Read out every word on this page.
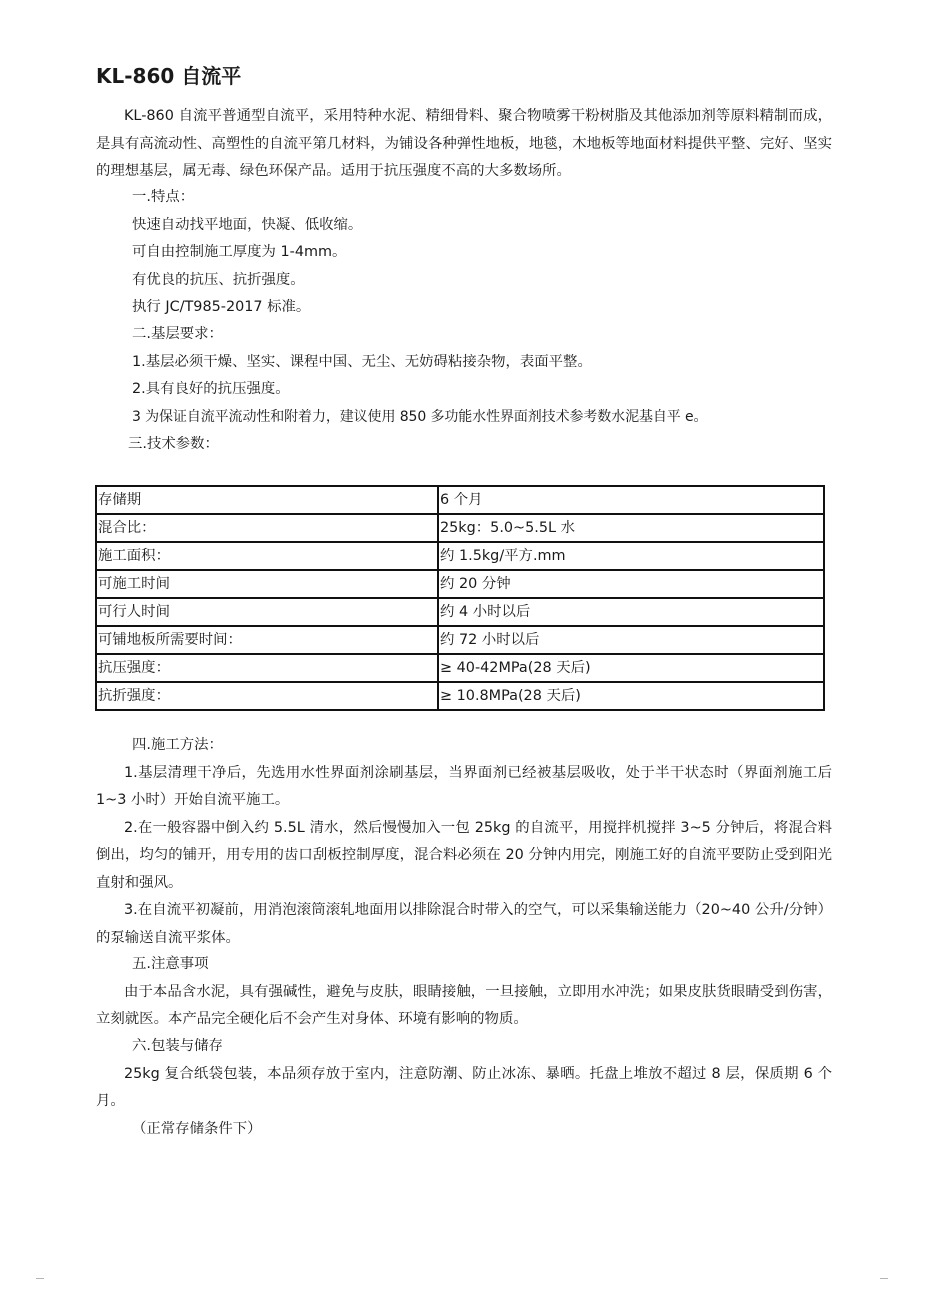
KL-860 自流平

KL-860 自流平普通型自流平，采用特种水泥、精细骨料、聚合物喷雾干粉树脂及其他添加剂等原料精制而成，是具有高流动性、高塑性的自流平第几材料，为铺设各种弹性地板，地毯，木地板等地面材料提供平整、完好、坚实的理想基层，属无毒、绿色环保产品。适用于抗压强度不高的大多数场所。

一.特点：

快速自动找平地面，快凝、低收缩。

可自由控制施工厚度为 1-4mm。

有优良的抗压、抗折强度。

执行 JC/T985-2017 标准。

二.基层要求：

1.基层必须干燥、坚实、课程中国、无尘、无妨碍粘接杂物，表面平整。

2.具有良好的抗压强度。

3 为保证自流平流动性和附着力，建议使用 850 多功能水性界面剂技术参考数水泥基自平 e。

三.技术参数：

存储期	6 个月
混合比：	25kg：5.0~5.5L 水
施工面积：	约 1.5kg/平方.mm
可施工时间	约 20 分钟
可行人时间	约 4 小时以后
可铺地板所需要时间：	约 72 小时以后
抗压强度：	≥ 40-42MPa(28 天后)
抗折强度：	≥ 10.8MPa(28 天后)

四.施工方法：

1.基层清理干净后，先选用水性界面剂涂刷基层，当界面剂已经被基层吸收，处于半干状态时（界面剂施工后 1~3 小时）开始自流平施工。

2.在一般容器中倒入约 5.5L 清水，然后慢慢加入一包 25kg 的自流平，用搅拌机搅拌 3~5 分钟后，将混合料倒出，均匀的铺开，用专用的齿口刮板控制厚度，混合料必须在 20 分钟内用完，刚施工好的自流平要防止受到阳光直射和强风。

3.在自流平初凝前，用消泡滚筒滚轧地面用以排除混合时带入的空气，可以采集输送能力（20~40 公升/分钟）的泵输送自流平浆体。

五.注意事项

由于本品含水泥，具有强碱性，避免与皮肤，眼睛接触，一旦接触，立即用水冲洗；如果皮肤货眼睛受到伤害，立刻就医。本产品完全硬化后不会产生对身体、环境有影响的物质。

六.包装与储存

25kg 复合纸袋包装，本品须存放于室内，注意防潮、防止冰冻、暴晒。托盘上堆放不超过 8 层，保质期 6 个月。

（正常存储条件下）
